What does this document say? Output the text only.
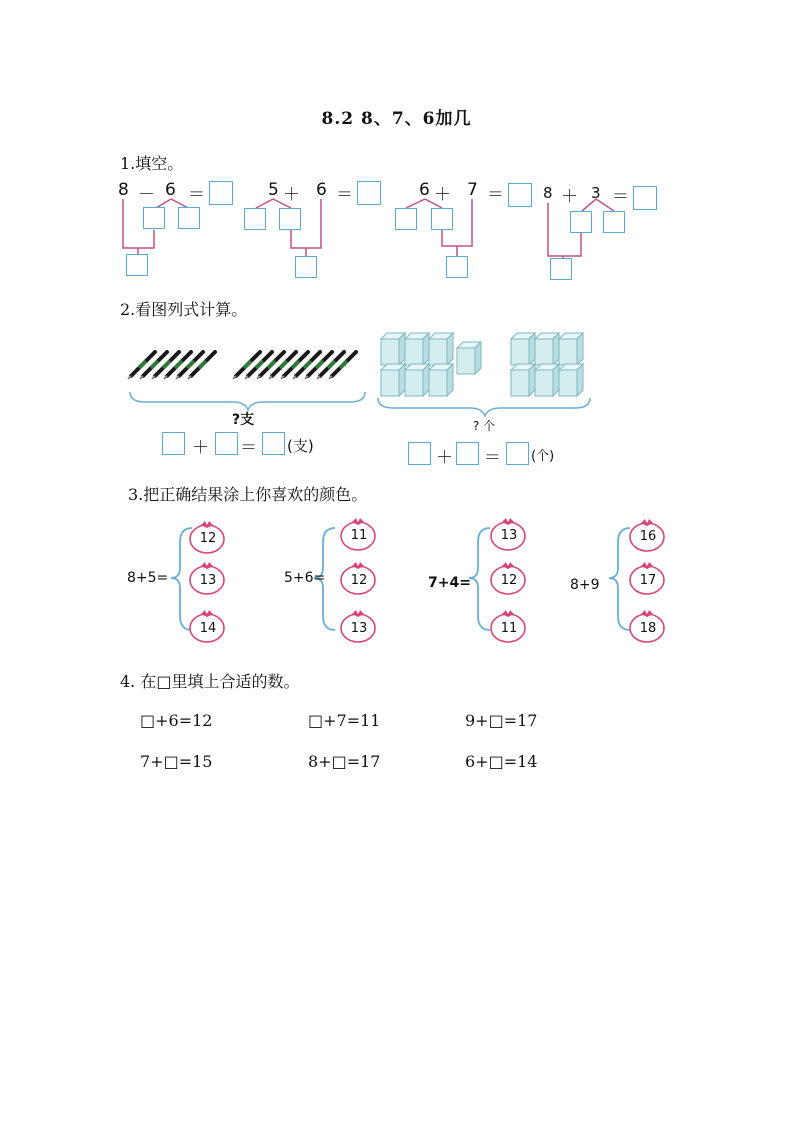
8.2 8、7、6加几
1.填空。
8 － 6 ＝	5 ＋ 6 ＝	6 ＋ 7 ＝	8 ＋ 3 ＝
2.看图列式计算。
?支
＋ ＝ (支)
? 个
＋ ＝ (个)
3.把正确结果涂上你喜欢的颜色。
8+5=	5+6=	7+4=	8+9
12
13
14
11
12
13
13
12
11
16
17
18
4. 在□里填上合适的数。
□+6=12	□+7=11	9+□=17
7+□=15	8+□=17	6+□=14
